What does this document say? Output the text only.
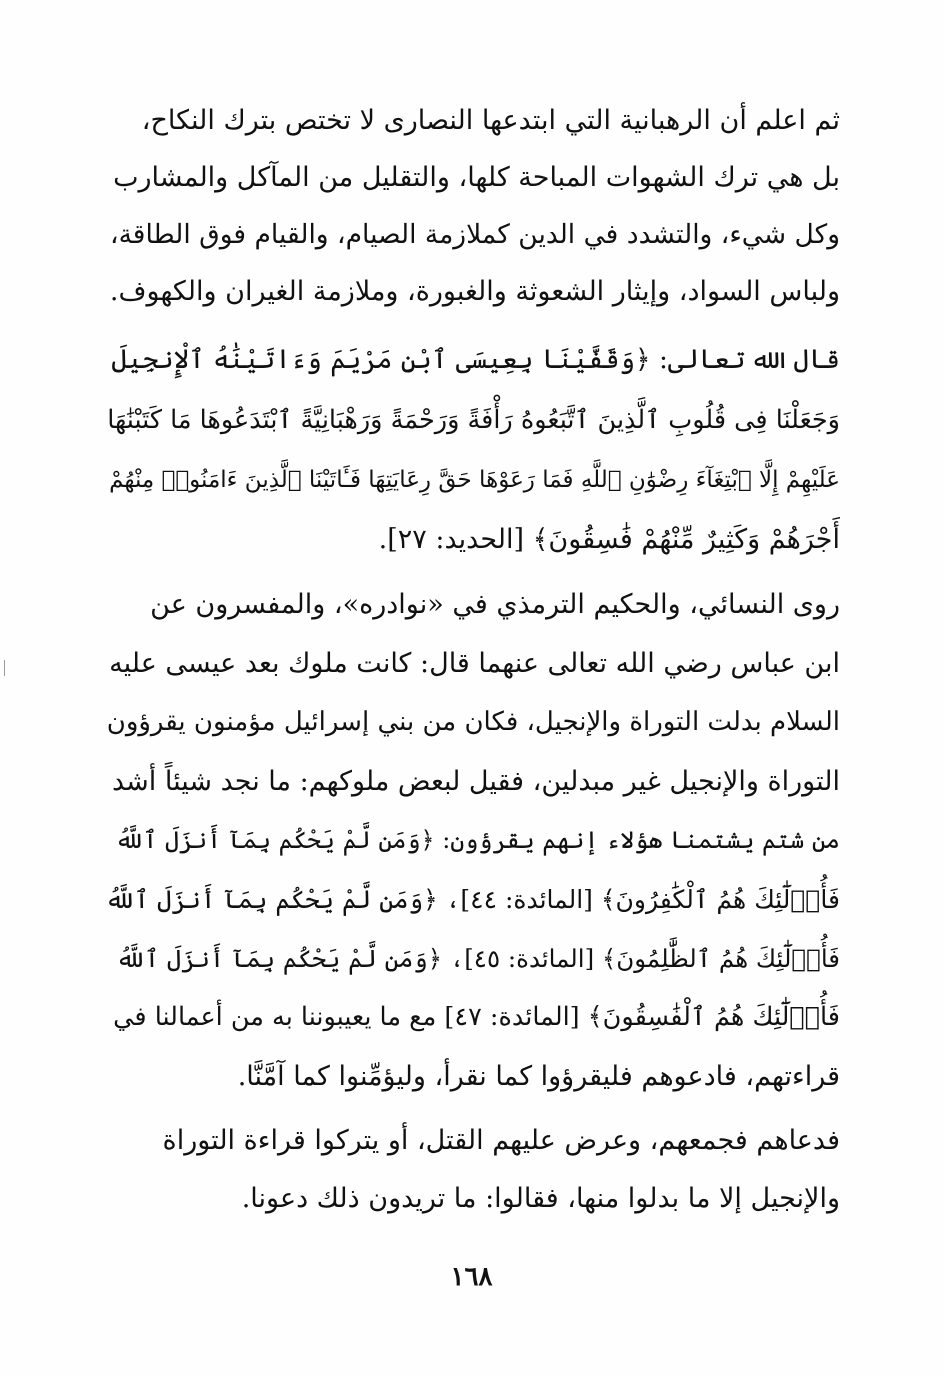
ثم اعلم أن الرهبانية التي ابتدعها النصارى لا تختص بترك النكاح،
بل هي ترك الشهوات المباحة كلها، والتقليل من المآكل والمشارب
وكل شيء، والتشدد في الدين كملازمة الصيام، والقيام فوق الطاقة،
ولباس السواد، وإيثار الشعوثة والغبورة، وملازمة الغيران والكهوف.
قال الله تعالى: ﴿وَقَفَّيْنَا بِعِيسَى ٱبْنِ مَرْيَمَ وَءَاتَيْنَٰهُ ٱلْإِنجِيلَ
وَجَعَلْنَا فِى قُلُوبِ ٱلَّذِينَ ٱتَّبَعُوهُ رَأْفَةً وَرَحْمَةً وَرَهْبَانِيَّةً ٱبْتَدَعُوهَا مَا كَتَبْنَٰهَا
عَلَيْهِمْ إِلَّا ٱبْتِغَآءَ رِضْوَٰنِ ٱللَّهِ فَمَا رَعَوْهَا حَقَّ رِعَايَتِهَا فَـَٔاتَيْنَا ٱلَّذِينَ ءَامَنُوا۟ مِنْهُمْ
أَجْرَهُمْ وَكَثِيرٌ مِّنْهُمْ فَٰسِقُونَ﴾ [الحديد: ٢٧].
روى النسائي، والحكيم الترمذي في «نوادره»، والمفسرون عن
ابن عباس رضي الله تعالى عنهما قال: كانت ملوك بعد عيسى عليه
السلام بدلت التوراة والإنجيل، فكان من بني إسرائيل مؤمنون يقرؤون
التوراة والإنجيل غير مبدلين، فقيل لبعض ملوكهم: ما نجد شيئاً أشد
من شتم يشتمنا هؤلاء إنهم يقرؤون: ﴿وَمَن لَّمْ يَحْكُم بِمَآ أَنزَلَ ٱللَّهُ
فَأُو۟لَٰٓئِكَ هُمُ ٱلْكَٰفِرُونَ﴾ [المائدة: ٤٤]، ﴿وَمَن لَّمْ يَحْكُم بِمَآ أَنزَلَ ٱللَّهُ
فَأُو۟لَٰٓئِكَ هُمُ ٱلظَّٰلِمُونَ﴾ [المائدة: ٤٥]، ﴿وَمَن لَّمْ يَحْكُم بِمَآ أَنزَلَ ٱللَّهُ
فَأُو۟لَٰٓئِكَ هُمُ ٱلْفَٰسِقُونَ﴾ [المائدة: ٤٧] مع ما يعيبوننا به من أعمالنا في
قراءتهم، فادعوهم فليقرؤوا كما نقرأ، وليؤمِّنوا كما آمَّنَّا.
فدعاهم فجمعهم، وعرض عليهم القتل، أو يتركوا قراءة التوراة
والإنجيل إلا ما بدلوا منها، فقالوا: ما تريدون ذلك دعونا.
١٦٨
